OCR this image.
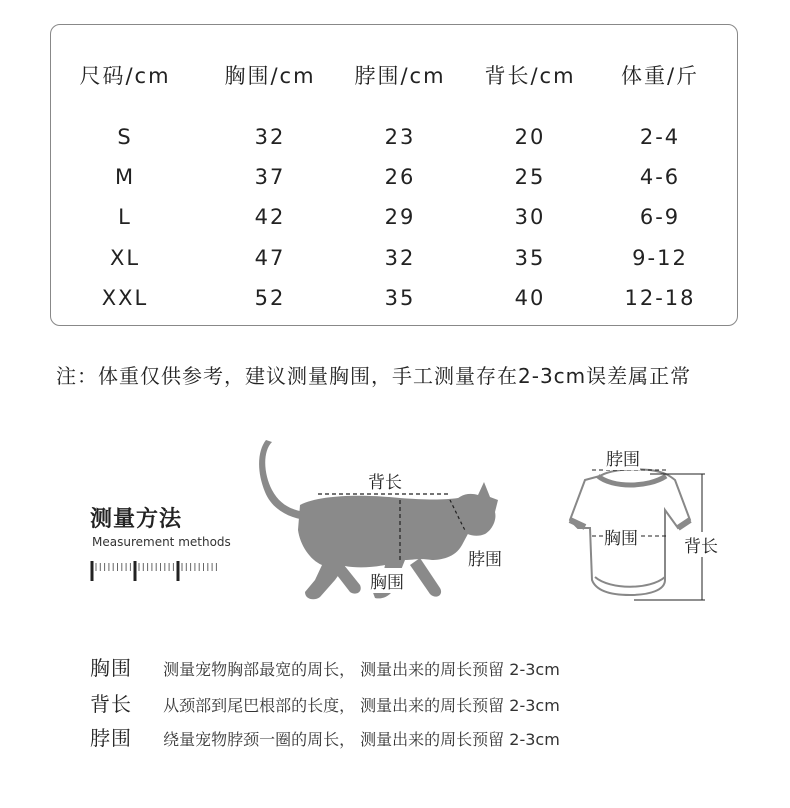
尺码/cm	胸围/cm	脖围/cm	背长/cm	体重/斤
S	32	23	20	2-4
M	37	26	25	4-6
L	42	29	30	6-9
XL	47	32	35	9-12
XXL	52	35	40	12-18
注：体重仅供参考，建议测量胸围，手工测量存在2-3cm误差属正常
测量方法
Measurement methods
背长
脖围
胸围
脖围
胸围	背长
胸围 测量宠物胸部最宽的周长， 测量出来的周长预留 2-3cm
背长 从颈部到尾巴根部的长度， 测量出来的周长预留 2-3cm
脖围 绕量宠物脖颈一圈的周长， 测量出来的周长预留 2-3cm
